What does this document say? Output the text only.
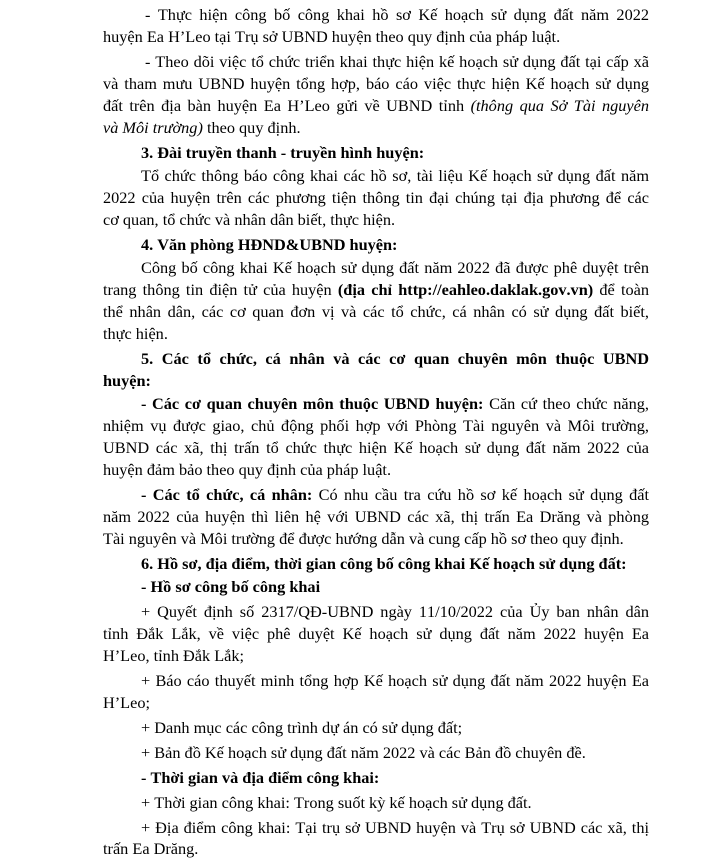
- Thực hiện công bố công khai hồ sơ Kế hoạch sử dụng đất năm 2022
huyện Ea H’Leo tại Trụ sở UBND huyện theo quy định của pháp luật.
- Theo dõi việc tổ chức triển khai thực hiện kế hoạch sử dụng đất tại cấp xã
và tham mưu UBND huyện tổng hợp, báo cáo việc thực hiện Kế hoạch sử dụng
đất trên địa bàn huyện Ea H’Leo gửi về UBND tỉnh (thông qua Sở Tài nguyên
và Môi trường) theo quy định.
3. Đài truyền thanh - truyền hình huyện:
Tổ chức thông báo công khai các hồ sơ, tài liệu Kế hoạch sử dụng đất năm
2022 của huyện trên các phương tiện thông tin đại chúng tại địa phương để các
cơ quan, tổ chức và nhân dân biết, thực hiện.
4. Văn phòng HĐND&UBND huyện:
Công bố công khai Kế hoạch sử dụng đất năm 2022 đã được phê duyệt trên
trang thông tin điện tử của huyện (địa chỉ http://eahleo.daklak.gov.vn) để toàn
thể nhân dân, các cơ quan đơn vị và các tổ chức, cá nhân có sử dụng đất biết,
thực hiện.
5. Các tổ chức, cá nhân và các cơ quan chuyên môn thuộc UBND
huyện:
- Các cơ quan chuyên môn thuộc UBND huyện: Căn cứ theo chức năng,
nhiệm vụ được giao, chủ động phối hợp với Phòng Tài nguyên và Môi trường,
UBND các xã, thị trấn tổ chức thực hiện Kế hoạch sử dụng đất năm 2022 của
huyện đảm bảo theo quy định của pháp luật.
- Các tổ chức, cá nhân: Có nhu cầu tra cứu hồ sơ kế hoạch sử dụng đất
năm 2022 của huyện thì liên hệ với UBND các xã, thị trấn Ea Drăng và phòng
Tài nguyên và Môi trường để được hướng dẫn và cung cấp hồ sơ theo quy định.
6. Hồ sơ, địa điểm, thời gian công bố công khai Kế hoạch sử dụng đất:
- Hồ sơ công bố công khai
+ Quyết định số 2317/QĐ-UBND ngày 11/10/2022 của Ủy ban nhân dân
tỉnh Đắk Lắk, về việc phê duyệt Kế hoạch sử dụng đất năm 2022 huyện Ea
H’Leo, tỉnh Đắk Lắk;
+ Báo cáo thuyết minh tổng hợp Kế hoạch sử dụng đất năm 2022 huyện Ea
H’Leo;
+ Danh mục các công trình dự án có sử dụng đất;
+ Bản đồ Kế hoạch sử dụng đất năm 2022 và các Bản đồ chuyên đề.
- Thời gian và địa điểm công khai:
+ Thời gian công khai: Trong suốt kỳ kế hoạch sử dụng đất.
+ Địa điểm công khai: Tại trụ sở UBND huyện và Trụ sở UBND các xã, thị
trấn Ea Drăng.
